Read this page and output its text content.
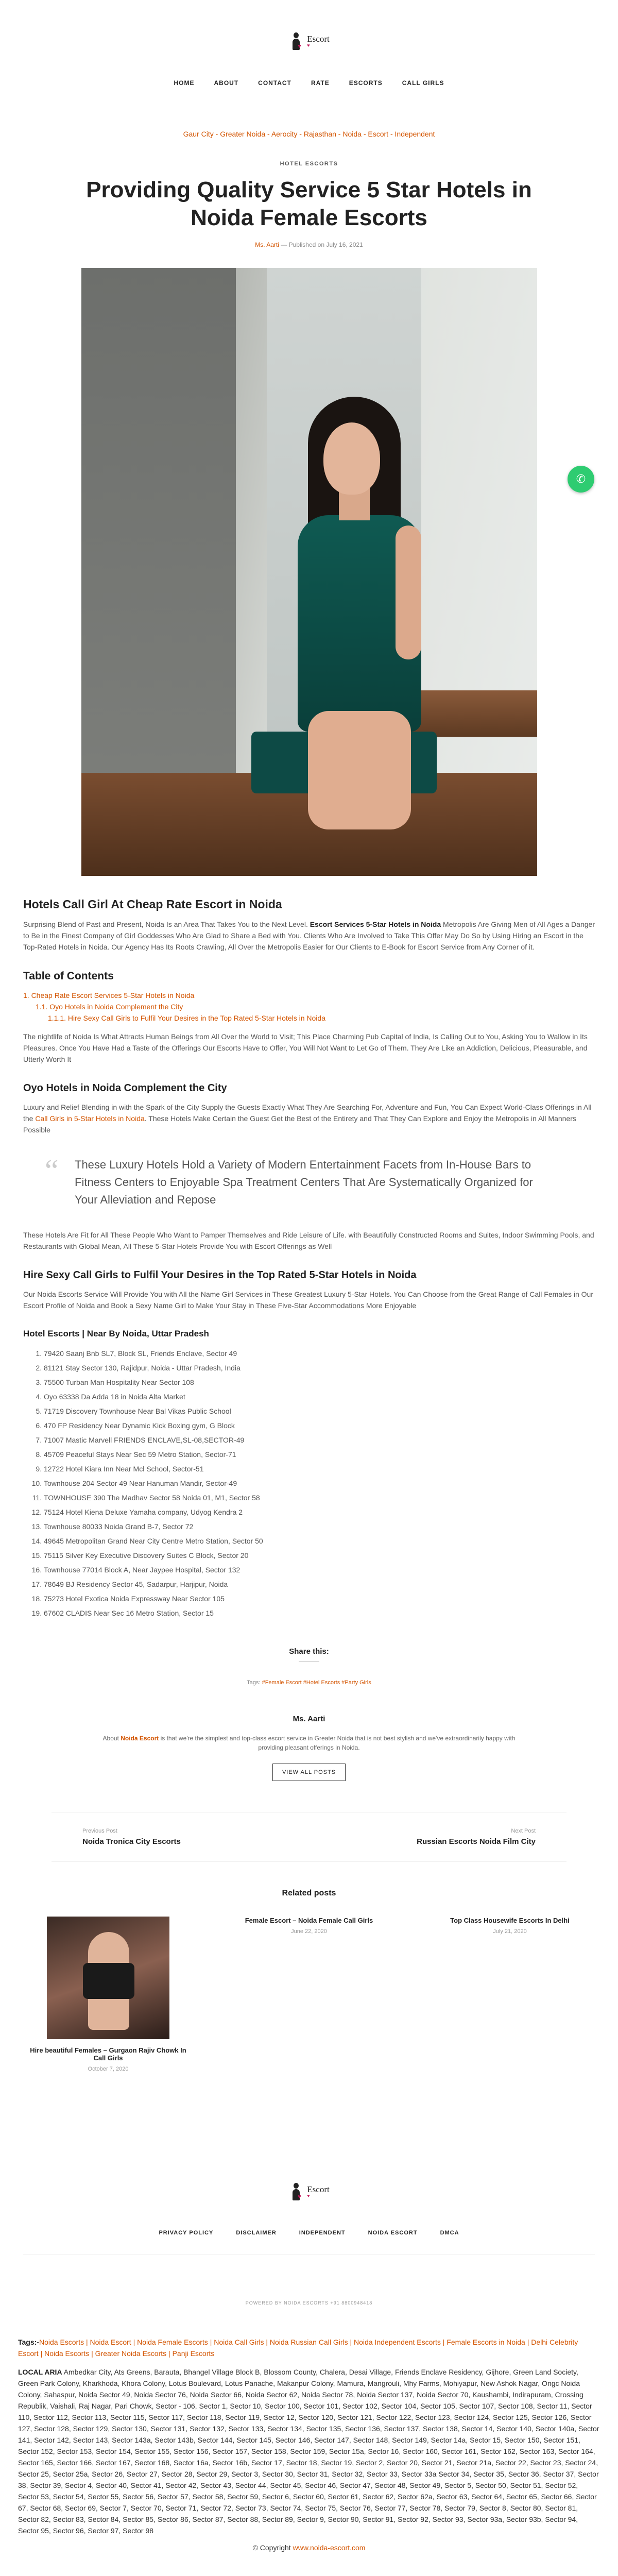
♥
Escort
♥
HOME	ABOUT	CONTACT	RATE	ESCORTS	CALL GIRLS
Gaur City - Greater Noida - Aerocity - Rajasthan - Noida - Escort - Independent
HOTEL ESCORTS
Providing Quality Service 5 Star Hotels in Noida Female Escorts
Ms. Aarti — Published on July 16, 2021
✆
Hotels Call Girl At Cheap Rate Escort in Noida

Surprising Blend of Past and Present, Noida Is an Area That Takes You to the Next Level. Escort Services 5-Star Hotels in Noida Metropolis Are Giving Men of All Ages a Danger to Be in the Finest Company of Girl Goddesses Who Are Glad to Share a Bed with You. Clients Who Are Involved to Take This Offer May Do So by Using Hiring an Escort in the Top-Rated Hotels in Noida. Our Agency Has Its Roots Crawling, All Over the Metropolis Easier for Our Clients to E-Book for Escort Service from Any Corner of it.

Table of Contents
1. Cheap Rate Escort Services 5-Star Hotels in Noida
1.1. Oyo Hotels in Noida Complement the City
1.1.1. Hire Sexy Call Girls to Fulfil Your Desires in the Top Rated 5-Star Hotels in Noida

The nightlife of Noida Is What Attracts Human Beings from All Over the World to Visit; This Place Charming Pub Capital of India, Is Calling Out to You, Asking You to Wallow in Its Pleasures. Once You Have Had a Taste of the Offerings Our Escorts Have to Offer, You Will Not Want to Let Go of Them. They Are Like an Addiction, Delicious, Pleasurable, and Utterly Worth It

Oyo Hotels in Noida Complement the City

Luxury and Relief Blending in with the Spark of the City Supply the Guests Exactly What They Are Searching For, Adventure and Fun, You Can Expect World-Class Offerings in All the Call Girls in 5-Star Hotels in Noida. These Hotels Make Certain the Guest Get the Best of the Entirety and That They Can Explore and Enjoy the Metropolis in All Manners Possible

“ These Luxury Hotels Hold a Variety of Modern Entertainment Facets from In-House Bars to Fitness Centers to Enjoyable Spa Treatment Centers That Are Systematically Organized for Your Alleviation and Repose

These Hotels Are Fit for All These People Who Want to Pamper Themselves and Ride Leisure of Life. with Beautifully Constructed Rooms and Suites, Indoor Swimming Pools, and Restaurants with Global Mean, All These 5-Star Hotels Provide You with Escort Offerings as Well

Hire Sexy Call Girls to Fulfil Your Desires in the Top Rated 5-Star Hotels in Noida

Our Noida Escorts Service Will Provide You with All the Name Girl Services in These Greatest Luxury 5-Star Hotels. You Can Choose from the Great Range of Call Females in Our Escort Profile of Noida and Book a Sexy Name Girl to Make Your Stay in These Five-Star Accommodations More Enjoyable

Hotel Escorts | Near By Noida, Uttar Pradesh
1. 79420 Saanj Bnb SL7, Block SL, Friends Enclave, Sector 49
2. 81121 Stay Sector 130, Rajidpur, Noida - Uttar Pradesh, India
3. 75500 Turban Man Hospitality Near Sector 108
4. Oyo 63338 Da Adda 18 in Noida Alta Market
5. 71719 Discovery Townhouse Near Bal Vikas Public School
6. 470 FP Residency Near Dynamic Kick Boxing gym, G Block
7. 71007 Mastic Marvell FRIENDS ENCLAVE,SL-08,SECTOR-49
8. 45709 Peaceful Stays Near Sec 59 Metro Station, Sector-71
9. 12722 Hotel Kiara Inn Near Mcl School, Sector-51
10. Townhouse 204 Sector 49 Near Hanuman Mandir, Sector-49
11. TOWNHOUSE 390 The Madhav Sector 58 Noida 01, M1, Sector 58
12. 75124 Hotel Kiena Deluxe Yamaha company, Udyog Kendra 2
13. Townhouse 80033 Noida Grand B-7, Sector 72
14. 49645 Metropolitan Grand Near City Centre Metro Station, Sector 50
15. 75115 Silver Key Executive Discovery Suites C Block, Sector 20
16. Townhouse 77014 Block A, Near Jaypee Hospital, Sector 132
17. 78649 BJ Residency Sector 45, Sadarpur, Harjipur, Noida
18. 75273 Hotel Exotica Noida Expressway Near Sector 105
19. 67602 CLADIS Near Sec 16 Metro Station, Sector 15
Share this:
Tags: #Female Escort #Hotel Escorts #Party Girls
Ms. Aarti

About Noida Escort is that we're the simplest and top-class escort service in Greater Noida that is not best stylish and we've extraordinarily happy with providing pleasant offerings in Noida.

VIEW ALL POSTS
Previous Post
Noida Tronica City Escorts
Next Post
Russian Escorts Noida Film City
Related posts
Hire beautiful Females – Gurgaon Rajiv Chowk In Call Girls
October 7, 2020
Female Escort – Noida Female Call Girls
June 22, 2020
Top Class Housewife Escorts In Delhi
July 21, 2020
♥
Escort
♥
PRIVACY POLICY	DISCLAIMER	INDEPENDENT	NOIDA ESCORT	DMCA
POWERED BY NOIDA ESCORTS +91 8800948418

Tags:-Noida Escorts | Noida Escort | Noida Female Escorts | Noida Call Girls | Noida Russian Call Girls | Noida Independent Escorts | Female Escorts in Noida | Delhi Celebrity Escort | Noida Escorts | Greater Noida Escorts | Panji Escorts

LOCAL ARIA Ambedkar City, Ats Greens, Barauta, Bhangel Village Block B, Blossom County, Chalera, Desai Village, Friends Enclave Residency, Gijhore, Green Land Society, Green Park Colony, Kharkhoda, Khora Colony, Lotus Boulevard, Lotus Panache, Makanpur Colony, Mamura, Mangrouli, Mhy Farms, Mohiyapur, New Ashok Nagar, Ongc Noida Colony, Sahaspur, Noida Sector 49, Noida Sector 76, Noida Sector 66, Noida Sector 62, Noida Sector 78, Noida Sector 137, Noida Sector 70, Kaushambi, Indirapuram, Crossing Republik, Vaishali, Raj Nagar, Pari Chowk, Sector - 106, Sector 1, Sector 10, Sector 100, Sector 101, Sector 102, Sector 104, Sector 105, Sector 107, Sector 108, Sector 11, Sector 110, Sector 112, Sector 113, Sector 115, Sector 117, Sector 118, Sector 119, Sector 12, Sector 120, Sector 121, Sector 122, Sector 123, Sector 124, Sector 125, Sector 126, Sector 127, Sector 128, Sector 129, Sector 130, Sector 131, Sector 132, Sector 133, Sector 134, Sector 135, Sector 136, Sector 137, Sector 138, Sector 14, Sector 140, Sector 140a, Sector 141, Sector 142, Sector 143, Sector 143a, Sector 143b, Sector 144, Sector 145, Sector 146, Sector 147, Sector 148, Sector 149, Sector 14a, Sector 15, Sector 150, Sector 151, Sector 152, Sector 153, Sector 154, Sector 155, Sector 156, Sector 157, Sector 158, Sector 159, Sector 15a, Sector 16, Sector 160, Sector 161, Sector 162, Sector 163, Sector 164, Sector 165, Sector 166, Sector 167, Sector 168, Sector 16a, Sector 16b, Sector 17, Sector 18, Sector 19, Sector 2, Sector 20, Sector 21, Sector 21a, Sector 22, Sector 23, Sector 24, Sector 25, Sector 25a, Sector 26, Sector 27, Sector 28, Sector 29, Sector 3, Sector 30, Sector 31, Sector 32, Sector 33, Sector 33a Sector 34, Sector 35, Sector 36, Sector 37, Sector 38, Sector 39, Sector 4, Sector 40, Sector 41, Sector 42, Sector 43, Sector 44, Sector 45, Sector 46, Sector 47, Sector 48, Sector 49, Sector 5, Sector 50, Sector 51, Sector 52, Sector 53, Sector 54, Sector 55, Sector 56, Sector 57, Sector 58, Sector 59, Sector 6, Sector 60, Sector 61, Sector 62, Sector 62a, Sector 63, Sector 64, Sector 65, Sector 66, Sector 67, Sector 68, Sector 69, Sector 7, Sector 70, Sector 71, Sector 72, Sector 73, Sector 74, Sector 75, Sector 76, Sector 77, Sector 78, Sector 79, Sector 8, Sector 80, Sector 81, Sector 82, Sector 83, Sector 84, Sector 85, Sector 86, Sector 87, Sector 88, Sector 89, Sector 9, Sector 90, Sector 91, Sector 92, Sector 93, Sector 93a, Sector 93b, Sector 94, Sector 95, Sector 96, Sector 97, Sector 98

© Copyright www.noida-escort.com
